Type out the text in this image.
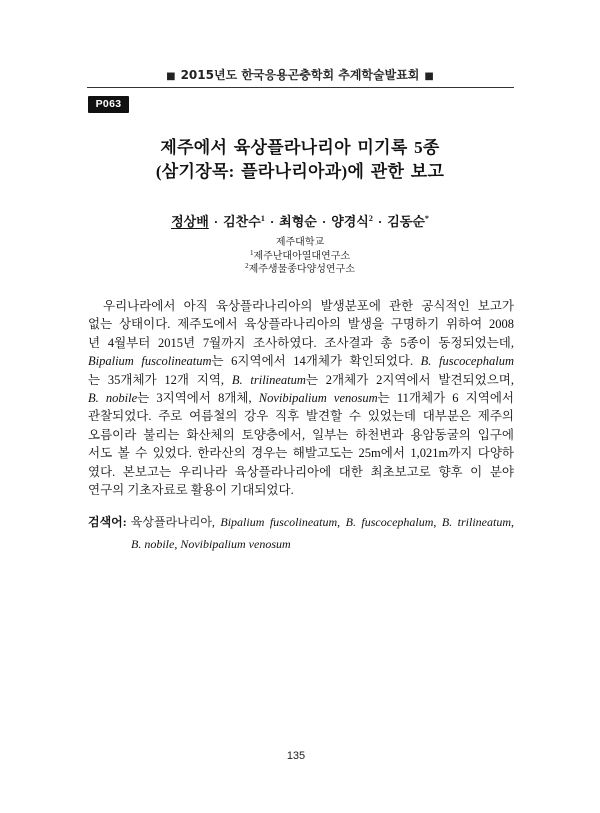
■ 2015년도 한국응용곤충학회 추계학술발표회 ■
P063
제주에서 육상플라나리아 미기록 5종
(삼기장목: 플라나리아과)에 관한 보고
정상배 · 김찬수$^1$ · 최형순 · 양경식$^2$ · 김동순*
제주대학교
$^1$제주난대아열대연구소
$^2$제주생물종다양성연구소
우리나라에서 아직 육상플라나리아의 발생분포에 관한 공식적인 보고가
없는 상태이다. 제주도에서 육상플라나리아의 발생을 구명하기 위하여 2008
년 4월부터 2015년 7월까지 조사하였다. 조사결과 총 5종이 동정되었는데,
Bipalium fuscolineatum는 6지역에서 14개체가 확인되었다. B. fuscocephalum
는 35개체가 12개 지역, B. trilineatum는 2개체가 2지역에서 발견되었으며,
B. nobile는 3지역에서 8개체, Novibipalium venosum는 11개체가 6 지역에서
관찰되었다. 주로 여름철의 강우 직후 발견할 수 있었는데 대부분은 제주의
오름이라 불리는 화산체의 토양층에서, 일부는 하천변과 용암동굴의 입구에
서도 볼 수 있었다. 한라산의 경우는 해발고도는 25m에서 1,021m까지 다양하
였다. 본보고는 우리나라 육상플라나리아에 대한 최초보고로 향후 이 분야
연구의 기초자료로 활용이 기대되었다.
검색어: 육상플라나리아, Bipalium fuscolineatum, B. fuscocephalum, B. trilineatum,
B. nobile, Novibipalium venosum
135
